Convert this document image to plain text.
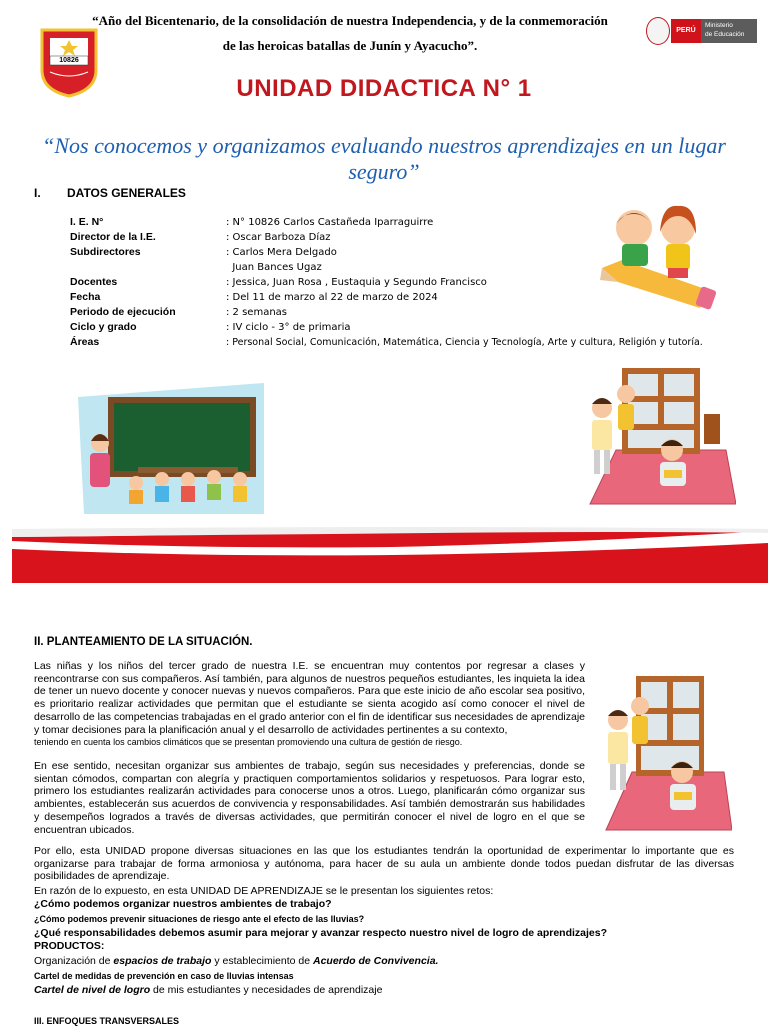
“Año del Bicentenario, de la consolidación de nuestra Independencia, y de la conmemoración
de las heroicas batallas de Junín y Ayacucho”.
10826
PERÚ
Ministerio
de Educación
UNIDAD DIDACTICA N° 1
“Nos conocemos y organizamos evaluando nuestros aprendizajes en un lugar seguro”
I. DATOS GENERALES
I. E. N°	: N° 10826 Carlos Castañeda Iparraguirre
Director de la I.E.	: Oscar Barboza Díaz
Subdirectores	: Carlos Mera Delgado
Juan Bances Ugaz
Docentes	: Jessica, Juan Rosa , Eustaquia y Segundo Francisco
Fecha	: Del 11 de marzo al 22 de marzo de 2024
Periodo de ejecución	: 2 semanas
Ciclo y grado	: IV ciclo - 3° de primaria
Áreas	: Personal Social, Comunicación, Matemática, Ciencia y Tecnología, Arte y cultura, Religión y tutoría.
II. PLANTEAMIENTO DE LA SITUACIÓN.
Las niñas y los niños del tercer grado de nuestra I.E. se encuentran muy contentos por regresar a clases y reencontrarse con sus compañeros. Así también, para algunos de nuestros pequeños estudiantes, les inquieta la idea de tener un nuevo docente y conocer nuevas y nuevos compañeros. Para que este inicio de año escolar sea positivo, es prioritario realizar actividades que permitan que el estudiante se sienta acogido así como conocer el nivel de desarrollo de las competencias trabajadas en el grado anterior con el fin de identificar sus necesidades de aprendizaje y tomar decisiones para la planificación anual y el desarrollo de actividades pertinentes a su contexto,
teniendo en cuenta los cambios climáticos que se presentan promoviendo una cultura de gestión de riesgo.
En ese sentido, necesitan organizar sus ambientes de trabajo, según sus necesidades y preferencias, donde se sientan cómodos, compartan con alegría y practiquen comportamientos solidarios y respetuosos. Para lograr esto, primero los estudiantes realizarán actividades para conocerse unos a otros. Luego, planificarán cómo organizar sus ambientes, establecerán sus acuerdos de convivencia y responsabilidades. Así también demostrarán sus habilidades y desempeños logrados a través de diversas actividades, que permitirán conocer el nivel de logro en el que se encuentran ubicados.
Por ello, esta UNIDAD propone diversas situaciones en las que los estudiantes tendrán la oportunidad de experimentar lo importante que es organizarse para trabajar de forma armoniosa y autónoma, para hacer de su aula un ambiente donde todos puedan disfrutar de las diversas posibilidades de aprendizaje.
En razón de lo expuesto, en esta UNIDAD DE APRENDIZAJE se le presentan los siguientes retos:
¿Cómo podemos organizar nuestros ambientes de trabajo?
¿Cómo podemos prevenir situaciones de riesgo ante el efecto de las lluvias?
¿Qué responsabilidades debemos asumir para mejorar y avanzar respecto nuestro nivel de logro de aprendizajes?
PRODUCTOS:
Organización de espacios de trabajo y establecimiento de Acuerdo de Convivencia.
Cartel de medidas de prevención en caso de lluvias intensas
Cartel de nivel de logro de mis estudiantes y necesidades de aprendizaje
III. ENFOQUES TRANSVERSALES
